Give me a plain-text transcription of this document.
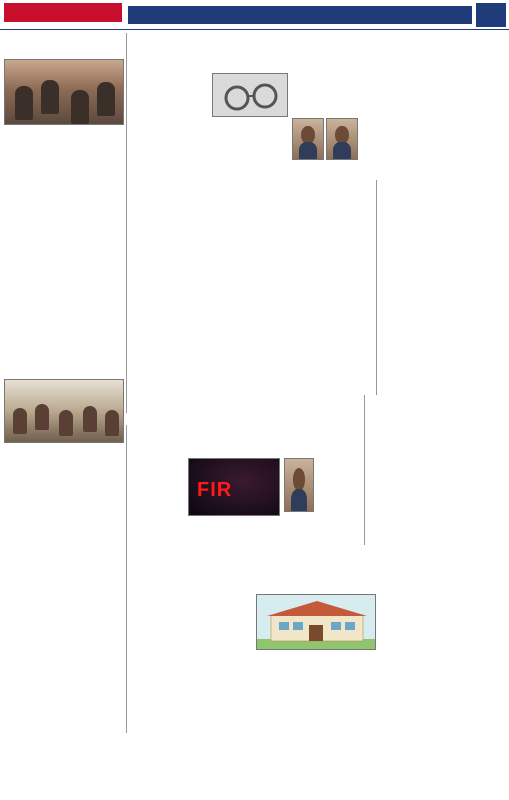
FIR
